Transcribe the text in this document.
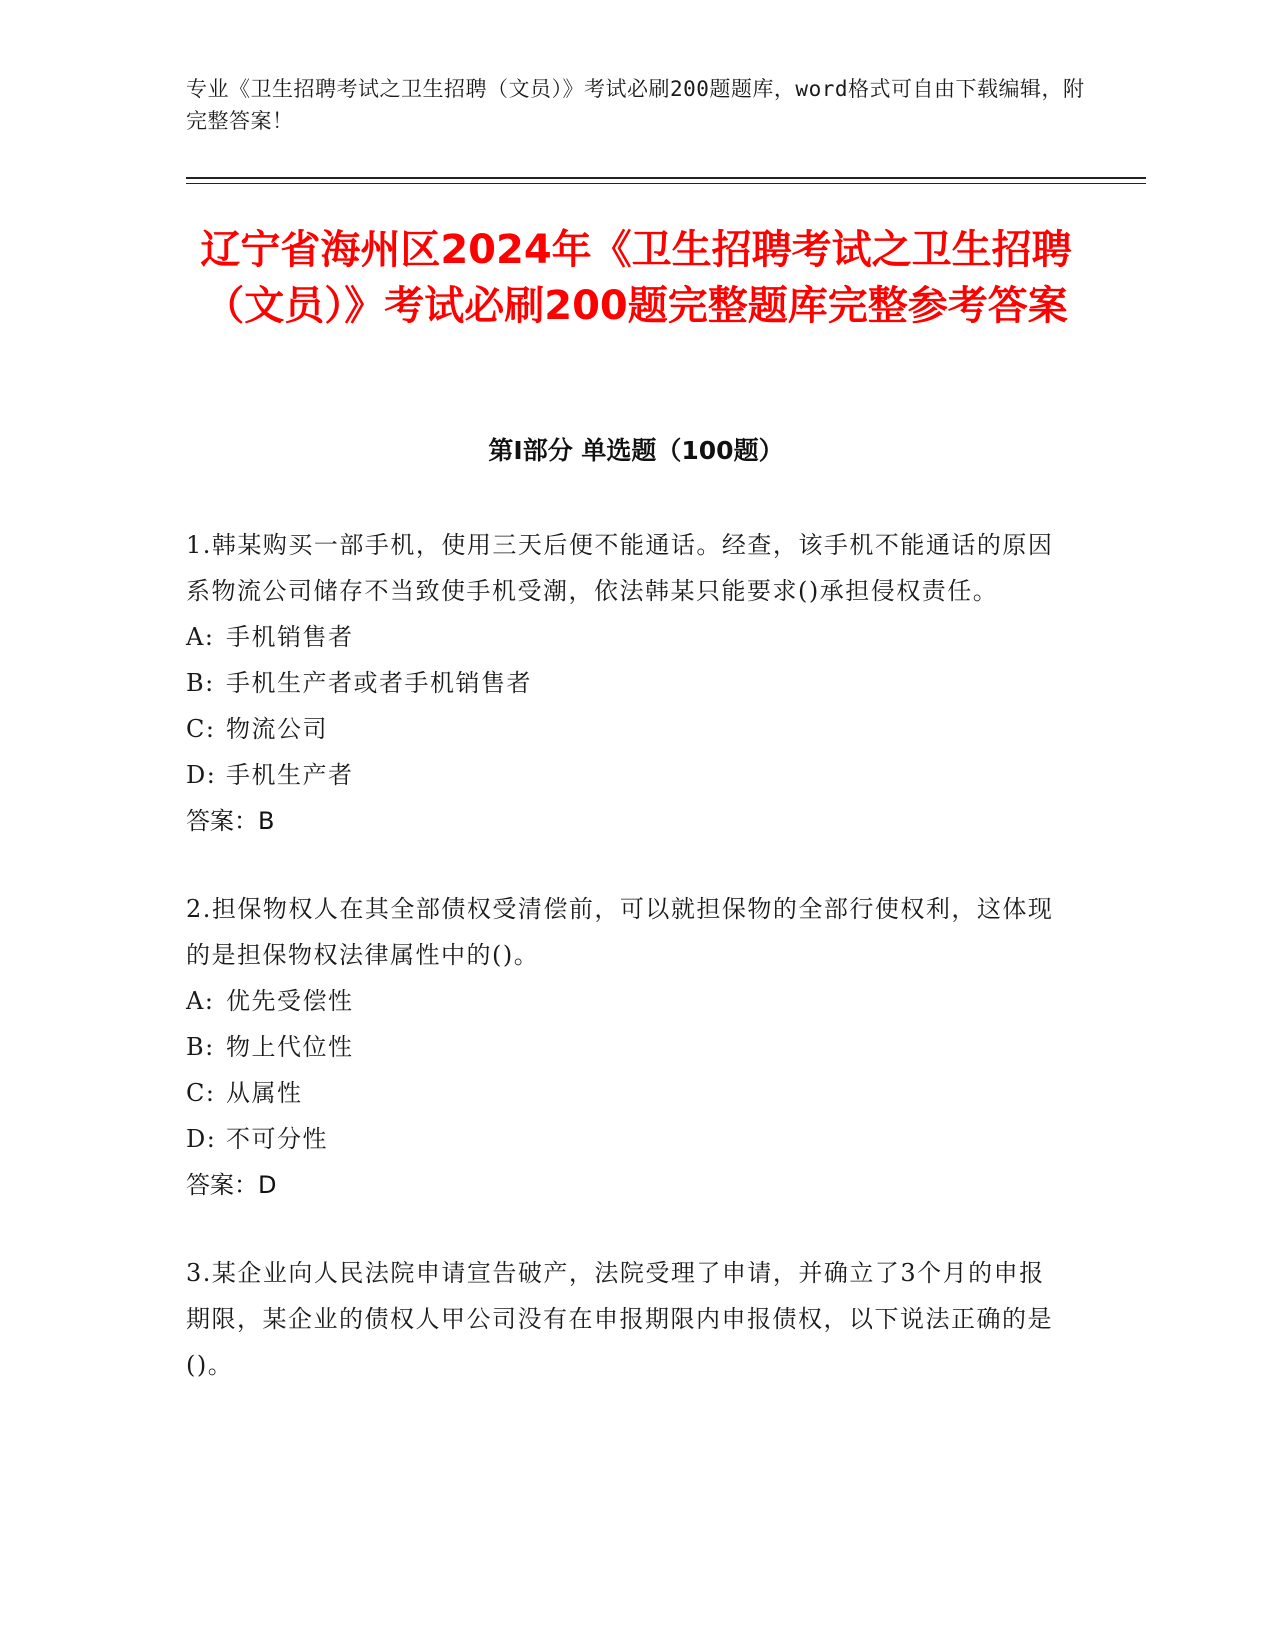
专业《卫生招聘考试之卫生招聘（文员）》考试必刷200题题库，word格式可自由下载编辑，附完整答案！
辽宁省海州区2024年《卫生招聘考试之卫生招聘（文员）》考试必刷200题完整题库完整参考答案
第Ⅰ部分 单选题（100题）
1.韩某购买一部手机，使用三天后便不能通话。经查，该手机不能通话的原因系物流公司储存不当致使手机受潮，依法韩某只能要求()承担侵权责任。
A: 手机销售者
B: 手机生产者或者手机销售者
C: 物流公司
D: 手机生产者
答案：B
2.担保物权人在其全部债权受清偿前，可以就担保物的全部行使权利，这体现的是担保物权法律属性中的()。
A: 优先受偿性
B: 物上代位性
C: 从属性
D: 不可分性
答案：D
3.某企业向人民法院申请宣告破产，法院受理了申请，并确立了3个月的申报期限，某企业的债权人甲公司没有在申报期限内申报债权，以下说法正确的是()。
